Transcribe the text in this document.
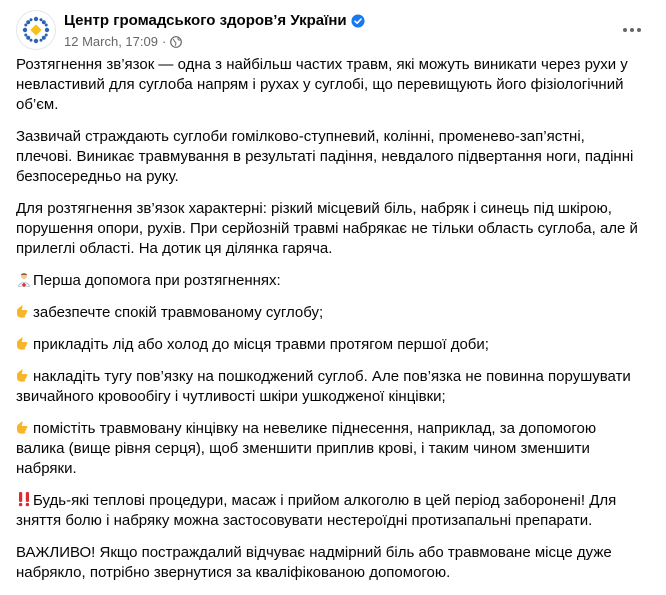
Центр громадського здоров’я України
12 March, 17:09 ·
Розтягнення зв’язок — одна з найбільш частих травм, які можуть виникати через рухи у невластивий для суглоба напрям і рухах у суглобі, що перевищують його фізіологічний об’єм.
Зазвичай страждають суглоби гомілково-ступневий, колінні, променево-зап’ястні, плечові. Виникає травмування в результаті падіння, невдалого підвертання ноги, падінні безпосередньо на руку.
Для розтягнення зв’язок характерні: різкий місцевий біль, набряк і синець під шкірою, порушення опори, рухів. При серйозній травмі набрякає не тільки область суглоба, але й прилеглі області. На дотик ця ділянка гаряча.
Перша допомога при розтягненнях:
забезпечте спокій травмованому суглобу;
прикладіть лід або холод до місця травми протягом першої доби;
накладіть тугу пов’язку на пошкоджений суглоб. Але пов’язка не повинна порушувати звичайного кровообігу і чутливості шкіри ушкодженої кінцівки;
помістіть травмовану кінцівку на невелике піднесення, наприклад, за допомогою валика (вище рівня серця), щоб зменшити приплив крові, і таким чином зменшити набряки.
Будь-які теплові процедури, масаж і прийом алкоголю в цей період заборонені! Для зняття болю і набряку можна застосовувати нестероїдні протизапальні препарати.
ВАЖЛИВО! Якщо постраждалий відчуває надмірний біль або травмоване місце дуже набрякло, потрібно звернутися за кваліфікованою допомогою.
